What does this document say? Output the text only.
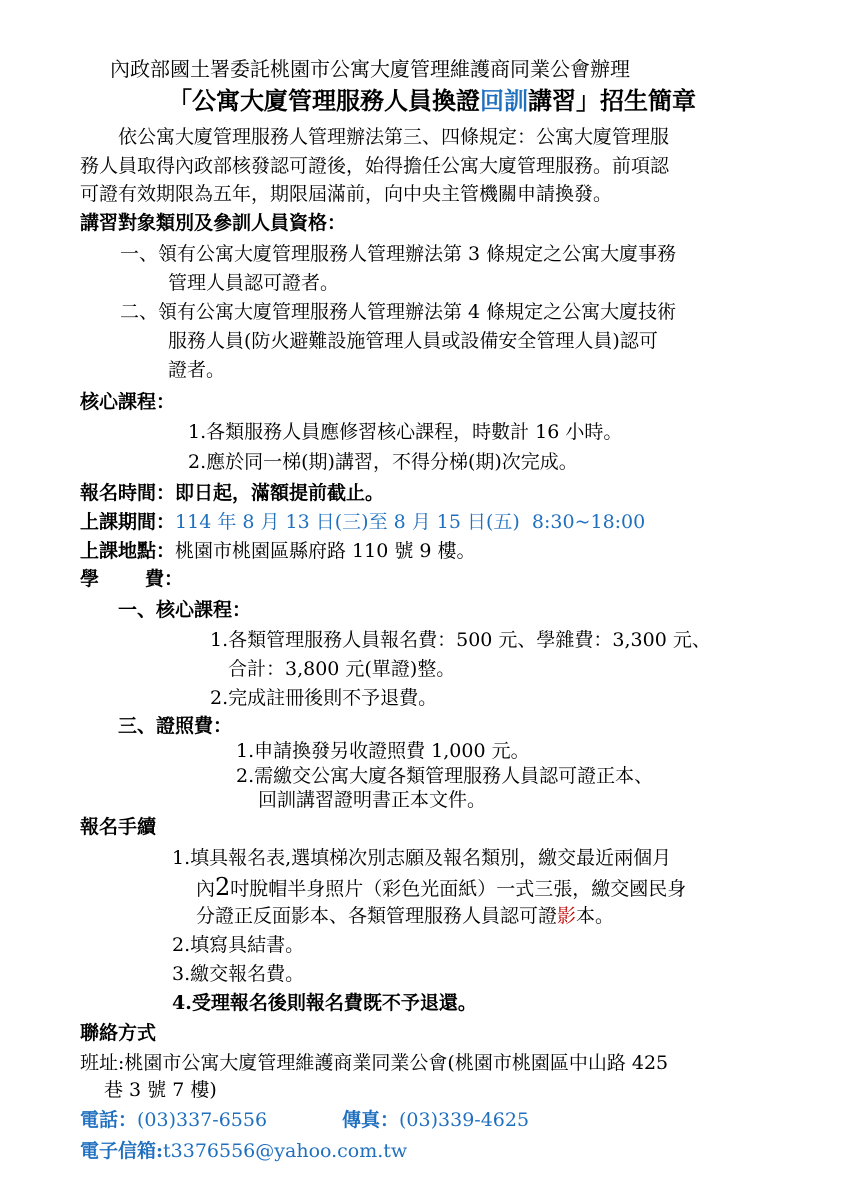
內政部國土署委託桃園市公寓大廈管理維護商同業公會辦理
「公寓大廈管理服務人員換證回訓講習」招生簡章
依公寓大廈管理服務人管理辦法第三、四條規定：公寓大廈管理服
務人員取得內政部核發認可證後，始得擔任公寓大廈管理服務。前項認
可證有效期限為五年，期限屆滿前，向中央主管機關申請換發。
講習對象類別及參訓人員資格：
一、領有公寓大廈管理服務人管理辦法第 3 條規定之公寓大廈事務
管理人員認可證者。
二、領有公寓大廈管理服務人管理辦法第 4 條規定之公寓大廈技術
服務人員(防火避難設施管理人員或設備安全管理人員)認可
證者。
核心課程：
1.各類服務人員應修習核心課程，時數計 16 小時。
2.應於同一梯(期)講習，不得分梯(期)次完成。
報名時間：即日起，滿額提前截止。
上課期間：114 年 8 月 13 日(三)至 8 月 15 日(五)  8:30~18:00
上課地點：桃園市桃園區縣府路 110 號 9 樓。
學 費：
一、核心課程：
1.各類管理服務人員報名費：500 元、學雜費：3,300 元、
合計：3,800 元(單證)整。
2.完成註冊後則不予退費。
三、證照費：
1.申請換發另收證照費 1,000 元。
2.需繳交公寓大廈各類管理服務人員認可證正本、
回訓講習證明書正本文件。
報名手續
1.填具報名表,選填梯次別志願及報名類別，繳交最近兩個月
內2吋脫帽半身照片（彩色光面紙）一式三張，繳交國民身
分證正反面影本、各類管理服務人員認可證影本。
2.填寫具結書。
3.繳交報名費。
4.受理報名後則報名費既不予退還。
聯絡方式
班址:桃園市公寓大廈管理維護商業同業公會(桃園市桃園區中山路 425
巷 3 號 7 樓)
電話：(03)337-6556	傳真：(03)339-4625
電子信箱:t3376556@yahoo.com.tw
